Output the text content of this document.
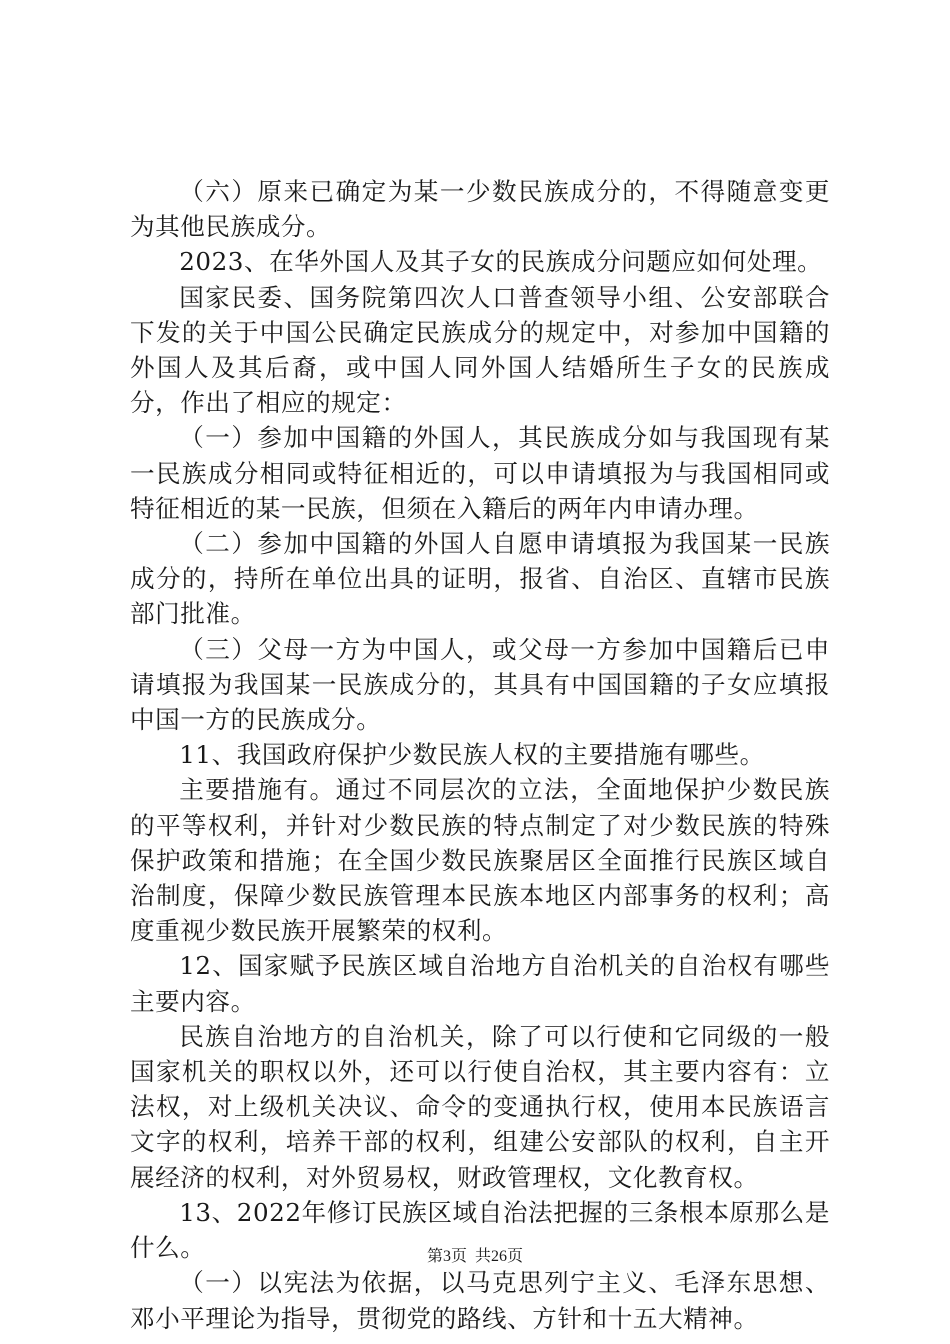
（六）原来已确定为某一少数民族成分的，不得随意变更为其他民族成分。

2023、在华外国人及其子女的民族成分问题应如何处理。

国家民委、国务院第四次人口普查领导小组、公安部联合下发的关于中国公民确定民族成分的规定中，对参加中国籍的外国人及其后裔，或中国人同外国人结婚所生子女的民族成分，作出了相应的规定：

（一）参加中国籍的外国人，其民族成分如与我国现有某一民族成分相同或特征相近的，可以申请填报为与我国相同或特征相近的某一民族，但须在入籍后的两年内申请办理。

（二）参加中国籍的外国人自愿申请填报为我国某一民族成分的，持所在单位出具的证明，报省、自治区、直辖市民族部门批准。

（三）父母一方为中国人，或父母一方参加中国籍后已申请填报为我国某一民族成分的，其具有中国国籍的子女应填报中国一方的民族成分。

11、我国政府保护少数民族人权的主要措施有哪些。

主要措施有。通过不同层次的立法，全面地保护少数民族的平等权利，并针对少数民族的特点制定了对少数民族的特殊保护政策和措施；在全国少数民族聚居区全面推行民族区域自治制度，保障少数民族管理本民族本地区内部事务的权利；高度重视少数民族开展繁荣的权利。

12、国家赋予民族区域自治地方自治机关的自治权有哪些主要内容。

民族自治地方的自治机关，除了可以行使和它同级的一般国家机关的职权以外，还可以行使自治权，其主要内容有：立法权，对上级机关决议、命令的变通执行权，使用本民族语言文字的权利，培养干部的权利，组建公安部队的权利，自主开展经济的权利，对外贸易权，财政管理权，文化教育权。

13、2022年修订民族区域自治法把握的三条根本原那么是什么。

（一）以宪法为依据，以马克思列宁主义、毛泽东思想、邓小平理论为指导，贯彻党的路线、方针和十五大精神。

第3页  共26页
